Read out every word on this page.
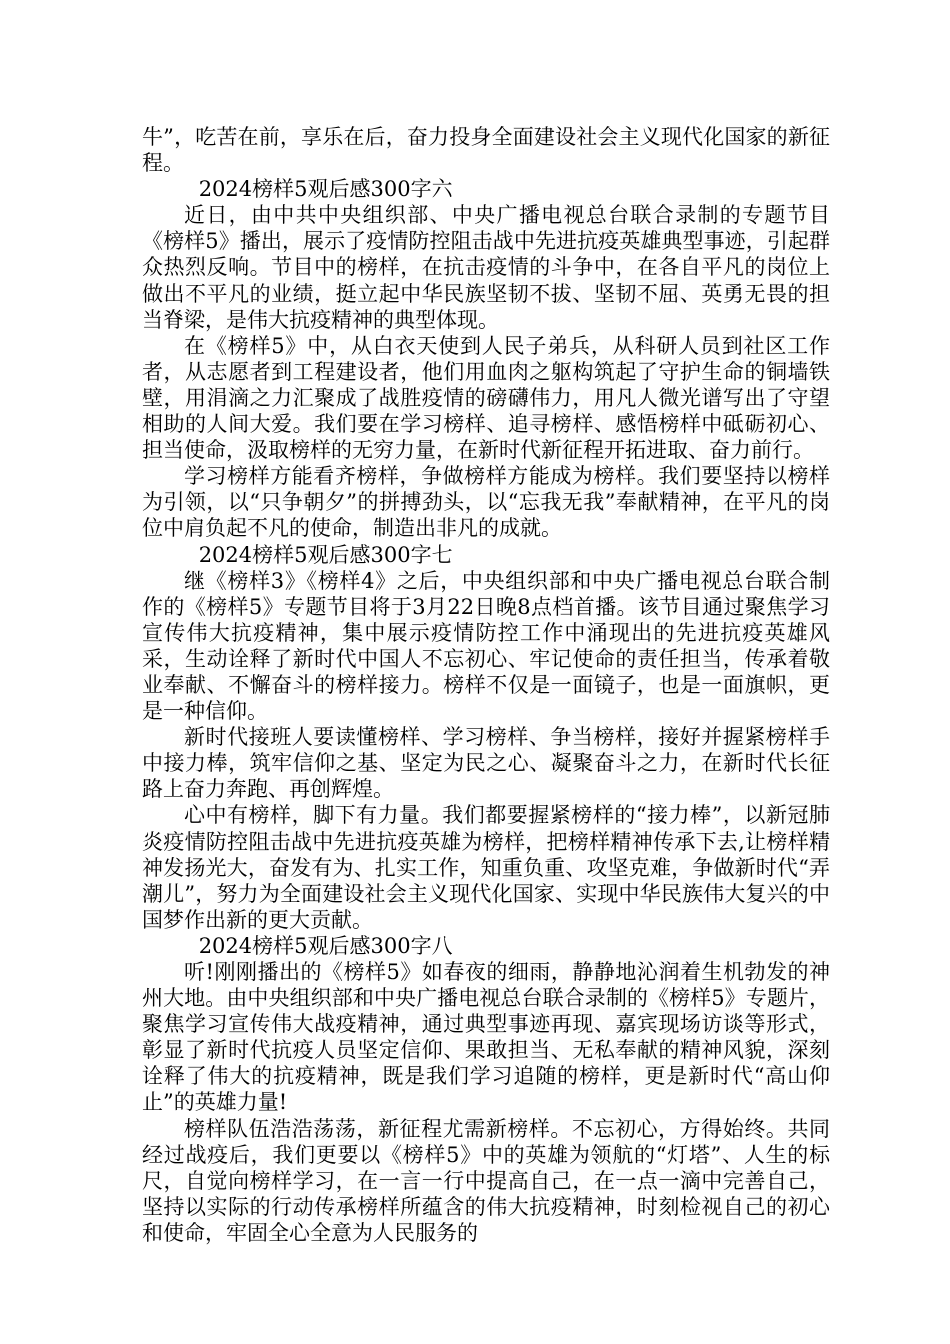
牛”，吃苦在前，享乐在后，奋力投身全面建设社会主义现代化国家的新征程。

2024榜样5观后感300字六

近日，由中共中央组织部、中央广播电视总台联合录制的专题节目《榜样5》播出，展示了疫情防控阻击战中先进抗疫英雄典型事迹，引起群众热烈反响。节目中的榜样，在抗击疫情的斗争中，在各自平凡的岗位上做出不平凡的业绩，挺立起中华民族坚韧不拔、坚韧不屈、英勇无畏的担当脊梁，是伟大抗疫精神的典型体现。

在《榜样5》中，从白衣天使到人民子弟兵，从科研人员到社区工作者，从志愿者到工程建设者，他们用血肉之躯构筑起了守护生命的铜墙铁壁，用涓滴之力汇聚成了战胜疫情的磅礴伟力，用凡人微光谱写出了守望相助的人间大爱。我们要在学习榜样、追寻榜样、感悟榜样中砥砺初心、担当使命，汲取榜样的无穷力量，在新时代新征程开拓进取、奋力前行。

学习榜样方能看齐榜样，争做榜样方能成为榜样。我们要坚持以榜样为引领，以“只争朝夕”的拼搏劲头，以“忘我无我”奉献精神，在平凡的岗位中肩负起不凡的使命，制造出非凡的成就。

2024榜样5观后感300字七

继《榜样3》《榜样4》之后，中央组织部和中央广播电视总台联合制作的《榜样5》专题节目将于3月22日晚8点档首播。该节目通过聚焦学习宣传伟大抗疫精神，集中展示疫情防控工作中涌现出的先进抗疫英雄风采，生动诠释了新时代中国人不忘初心、牢记使命的责任担当，传承着敬业奉献、不懈奋斗的榜样接力。榜样不仅是一面镜子，也是一面旗帜，更是一种信仰。

新时代接班人要读懂榜样、学习榜样、争当榜样，接好并握紧榜样手中接力棒，筑牢信仰之基、坚定为民之心、凝聚奋斗之力，在新时代长征路上奋力奔跑、再创辉煌。

心中有榜样，脚下有力量。我们都要握紧榜样的“接力棒”，以新冠肺炎疫情防控阻击战中先进抗疫英雄为榜样，把榜样精神传承下去,让榜样精神发扬光大，奋发有为、扎实工作，知重负重、攻坚克难，争做新时代“弄潮儿”，努力为全面建设社会主义现代化国家、实现中华民族伟大复兴的中国梦作出新的更大贡献。

2024榜样5观后感300字八

听!刚刚播出的《榜样5》如春夜的细雨，静静地沁润着生机勃发的神州大地。由中央组织部和中央广播电视总台联合录制的《榜样5》专题片，聚焦学习宣传伟大战疫精神，通过典型事迹再现、嘉宾现场访谈等形式，彰显了新时代抗疫人员坚定信仰、果敢担当、无私奉献的精神风貌，深刻诠释了伟大的抗疫精神，既是我们学习追随的榜样，更是新时代“高山仰止”的英雄力量!

榜样队伍浩浩荡荡，新征程尤需新榜样。不忘初心，方得始终。共同经过战疫后，我们更要以《榜样5》中的英雄为领航的“灯塔”、人生的标尺，自觉向榜样学习，在一言一行中提高自己，在一点一滴中完善自己，坚持以实际的行动传承榜样所蕴含的伟大抗疫精神，时刻检视自己的初心和使命，牢固全心全意为人民服务的
